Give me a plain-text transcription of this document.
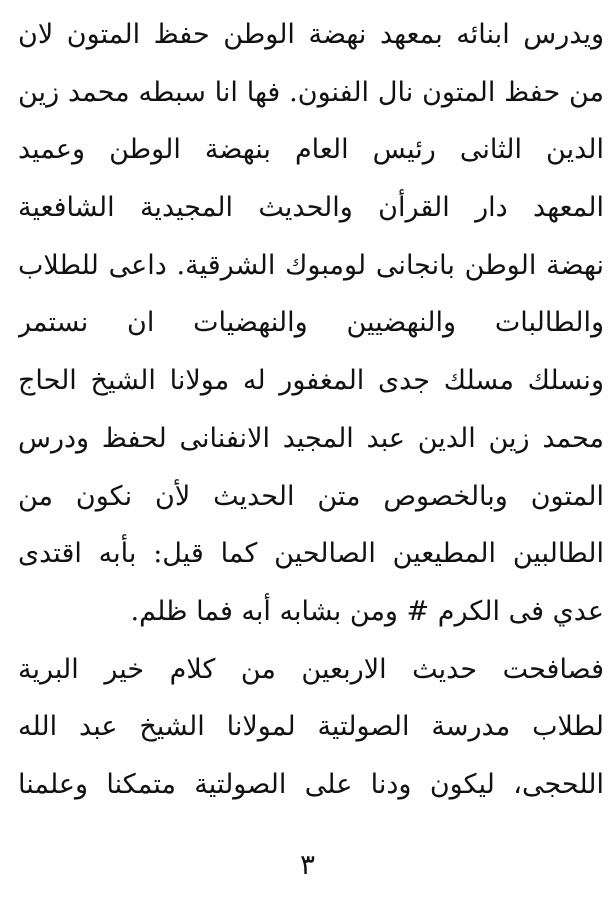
ويدرس ابنائه بمعهد نهضة الوطن حفظ المتون لان
من حفظ المتون نال الفنون. فها انا سبطه محمد زين
الدين الثانى رئيس العام بنهضة الوطن وعميد
المعهد دار القرأن والحديث المجيدية الشافعية
نهضة الوطن بانجانى لومبوك الشرقية. داعى للطلاب
والطالبات والنهضيين والنهضيات ان نستمر
ونسلك مسلك جدى المغفور له مولانا الشيخ الحاج
محمد زين الدين عبد المجيد الانفنانى لحفظ ودرس
المتون وبالخصوص متن الحديث لأن نكون من
الطالبين المطيعين الصالحين كما قيل: بأبه اقتدى
عدي فى الكرم # ومن بشابه أبه فما ظلم.
فصافحت حديث الاربعين من كلام خير البرية
لطلاب مدرسة الصولتية لمولانا الشيخ عبد الله
اللحجى، ليكون ودنا على الصولتية متمكنا وعلمنا
٣
